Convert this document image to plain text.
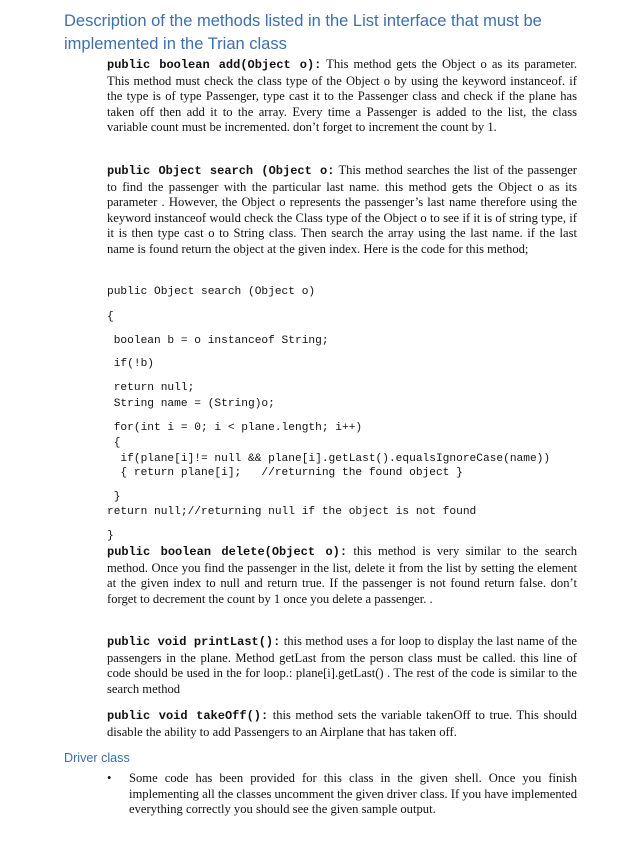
Description of the methods listed in the List interface that must be implemented in the Trian class

public boolean add(Object o): This method gets the Object o as its parameter. This method must check the class type of the Object o by using the keyword instanceof. if the type is of type Passenger, type cast it to the Passenger class and check if the plane has taken off then add it to the array. Every time a Passenger is added to the list, the class variable count must be incremented. don’t forget to increment the count by 1.

public Object search (Object o: This method searches the list of the passenger to find the passenger with the particular last name. this method gets the Object o as its parameter . However, the Object o represents the passenger’s last name therefore using the keyword instanceof would check the Class type of the Object o to see if it is of string type, if it is then type cast o to String class. Then search the array using the last name. if the last name is found return the object at the given index. Here is the code for this method;

public Object search (Object o)
{
boolean b = o instanceof String;
if(!b)
return null;
String name = (String)o;
for(int i = 0; i < plane.length; i++)
{
if(plane[i]!= null && plane[i].getLast().equalsIgnoreCase(name))
{ return plane[i];   //returning the found object }
}
return null;//returning null if the object is not found
}

public boolean delete(Object o): this method is very similar to the search method. Once you find the passenger in the list, delete it from the list by setting the element at the given index to null and return true. If the passenger is not found return false. don’t forget to decrement the count by 1 once you delete a passenger. .

public void printLast(): this method uses a for loop to display the last name of the passengers in the plane. Method getLast from the person class must be called. this line of code should be used in the for loop.: plane[i].getLast() . The rest of the code is similar to the search method

public void takeOff(): this method sets the variable takenOff to true. This should disable the ability to add Passengers to an Airplane that has taken off.

Driver class
•	Some code has been provided for this class in the given shell. Once you finish implementing all the classes uncomment the given driver class. If you have implemented everything correctly you should see the given sample output.
